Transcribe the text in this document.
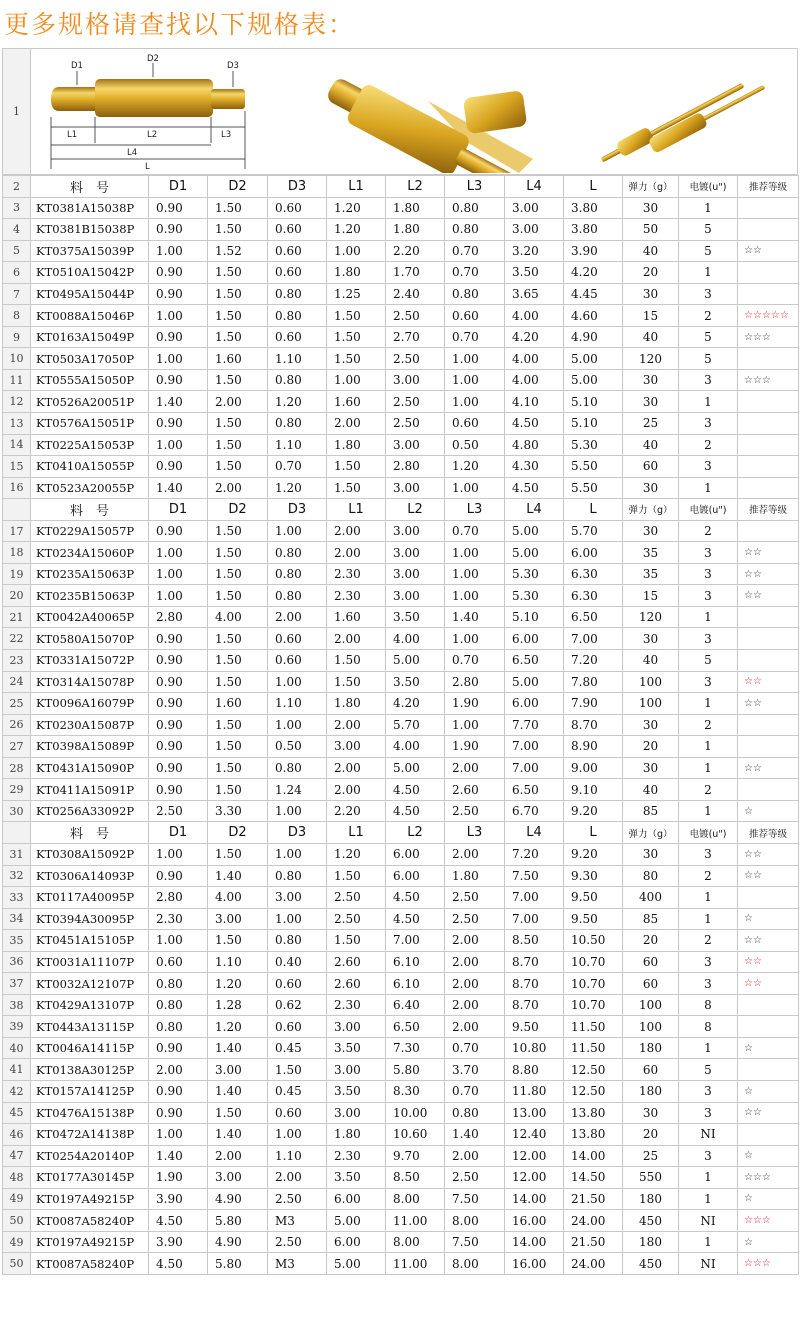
更多规格请查找以下规格表：
1
D1
D2
D3
L1	L2	L3
L4
L
2	料　号	D1	D2	D3	L1	L2	L3	L4	L	弹力（g）	电镀(u")	推荐等级
3	KT0381A15038P	0.90	1.50	0.60	1.20	1.80	0.80	3.00	3.80	30	1	
4	KT0381B15038P	0.90	1.50	0.60	1.20	1.80	0.80	3.00	3.80	50	5	
5	KT0375A15039P	1.00	1.52	0.60	1.00	2.20	0.70	3.20	3.90	40	5	☆☆
6	KT0510A15042P	0.90	1.50	0.60	1.80	1.70	0.70	3.50	4.20	20	1	
7	KT0495A15044P	0.90	1.50	0.80	1.25	2.40	0.80	3.65	4.45	30	3	
8	KT0088A15046P	1.00	1.50	0.80	1.50	2.50	0.60	4.00	4.60	15	2	☆☆☆☆☆
9	KT0163A15049P	0.90	1.50	0.60	1.50	2.70	0.70	4.20	4.90	40	5	☆☆☆
10	KT0503A17050P	1.00	1.60	1.10	1.50	2.50	1.00	4.00	5.00	120	5	
11	KT0555A15050P	0.90	1.50	0.80	1.00	3.00	1.00	4.00	5.00	30	3	☆☆☆
12	KT0526A20051P	1.40	2.00	1.20	1.60	2.50	1.00	4.10	5.10	30	1	
13	KT0576A15051P	0.90	1.50	0.80	2.00	2.50	0.60	4.50	5.10	25	3	
14	KT0225A15053P	1.00	1.50	1.10	1.80	3.00	0.50	4.80	5.30	40	2	
15	KT0410A15055P	0.90	1.50	0.70	1.50	2.80	1.20	4.30	5.50	60	3	
16	KT0523A20055P	1.40	2.00	1.20	1.50	3.00	1.00	4.50	5.50	30	1	
	料　号	D1	D2	D3	L1	L2	L3	L4	L	弹力（g）	电镀(u")	推荐等级
17	KT0229A15057P	0.90	1.50	1.00	2.00	3.00	0.70	5.00	5.70	30	2	
18	KT0234A15060P	1.00	1.50	0.80	2.00	3.00	1.00	5.00	6.00	35	3	☆☆
19	KT0235A15063P	1.00	1.50	0.80	2.30	3.00	1.00	5.30	6.30	35	3	☆☆
20	KT0235B15063P	1.00	1.50	0.80	2.30	3.00	1.00	5.30	6.30	15	3	☆☆
21	KT0042A40065P	2.80	4.00	2.00	1.60	3.50	1.40	5.10	6.50	120	1	
22	KT0580A15070P	0.90	1.50	0.60	2.00	4.00	1.00	6.00	7.00	30	3	
23	KT0331A15072P	0.90	1.50	0.60	1.50	5.00	0.70	6.50	7.20	40	5	
24	KT0314A15078P	0.90	1.50	1.00	1.50	3.50	2.80	5.00	7.80	100	3	☆☆
25	KT0096A16079P	0.90	1.60	1.10	1.80	4.20	1.90	6.00	7.90	100	1	☆☆
26	KT0230A15087P	0.90	1.50	1.00	2.00	5.70	1.00	7.70	8.70	30	2	
27	KT0398A15089P	0.90	1.50	0.50	3.00	4.00	1.90	7.00	8.90	20	1	
28	KT0431A15090P	0.90	1.50	0.80	2.00	5.00	2.00	7.00	9.00	30	1	☆☆
29	KT0411A15091P	0.90	1.50	1.24	2.00	4.50	2.60	6.50	9.10	40	2	
30	KT0256A33092P	2.50	3.30	1.00	2.20	4.50	2.50	6.70	9.20	85	1	☆
	料　号	D1	D2	D3	L1	L2	L3	L4	L	弹力（g）	电镀(u")	推荐等级
31	KT0308A15092P	1.00	1.50	1.00	1.20	6.00	2.00	7.20	9.20	30	3	☆☆
32	KT0306A14093P	0.90	1.40	0.80	1.50	6.00	1.80	7.50	9.30	80	2	☆☆
33	KT0117A40095P	2.80	4.00	3.00	2.50	4.50	2.50	7.00	9.50	400	1	
34	KT0394A30095P	2.30	3.00	1.00	2.50	4.50	2.50	7.00	9.50	85	1	☆
35	KT0451A15105P	1.00	1.50	0.80	1.50	7.00	2.00	8.50	10.50	20	2	☆☆
36	KT0031A11107P	0.60	1.10	0.40	2.60	6.10	2.00	8.70	10.70	60	3	☆☆
37	KT0032A12107P	0.80	1.20	0.60	2.60	6.10	2.00	8.70	10.70	60	3	☆☆
38	KT0429A13107P	0.80	1.28	0.62	2.30	6.40	2.00	8.70	10.70	100	8	
39	KT0443A13115P	0.80	1.20	0.60	3.00	6.50	2.00	9.50	11.50	100	8	
40	KT0046A14115P	0.90	1.40	0.45	3.50	7.30	0.70	10.80	11.50	180	1	☆
41	KT0138A30125P	2.00	3.00	1.50	3.00	5.80	3.70	8.80	12.50	60	5	
42	KT0157A14125P	0.90	1.40	0.45	3.50	8.30	0.70	11.80	12.50	180	3	☆
45	KT0476A15138P	0.90	1.50	0.60	3.00	10.00	0.80	13.00	13.80	30	3	☆☆
46	KT0472A14138P	1.00	1.40	1.00	1.80	10.60	1.40	12.40	13.80	20	NI	
47	KT0254A20140P	1.40	2.00	1.10	2.30	9.70	2.00	12.00	14.00	25	3	☆
48	KT0177A30145P	1.90	3.00	2.00	3.50	8.50	2.50	12.00	14.50	550	1	☆☆☆
49	KT0197A49215P	3.90	4.90	2.50	6.00	8.00	7.50	14.00	21.50	180	1	☆
50	KT0087A58240P	4.50	5.80	M3	5.00	11.00	8.00	16.00	24.00	450	NI	☆☆☆
49	KT0197A49215P	3.90	4.90	2.50	6.00	8.00	7.50	14.00	21.50	180	1	☆
50	KT0087A58240P	4.50	5.80	M3	5.00	11.00	8.00	16.00	24.00	450	NI	☆☆☆
